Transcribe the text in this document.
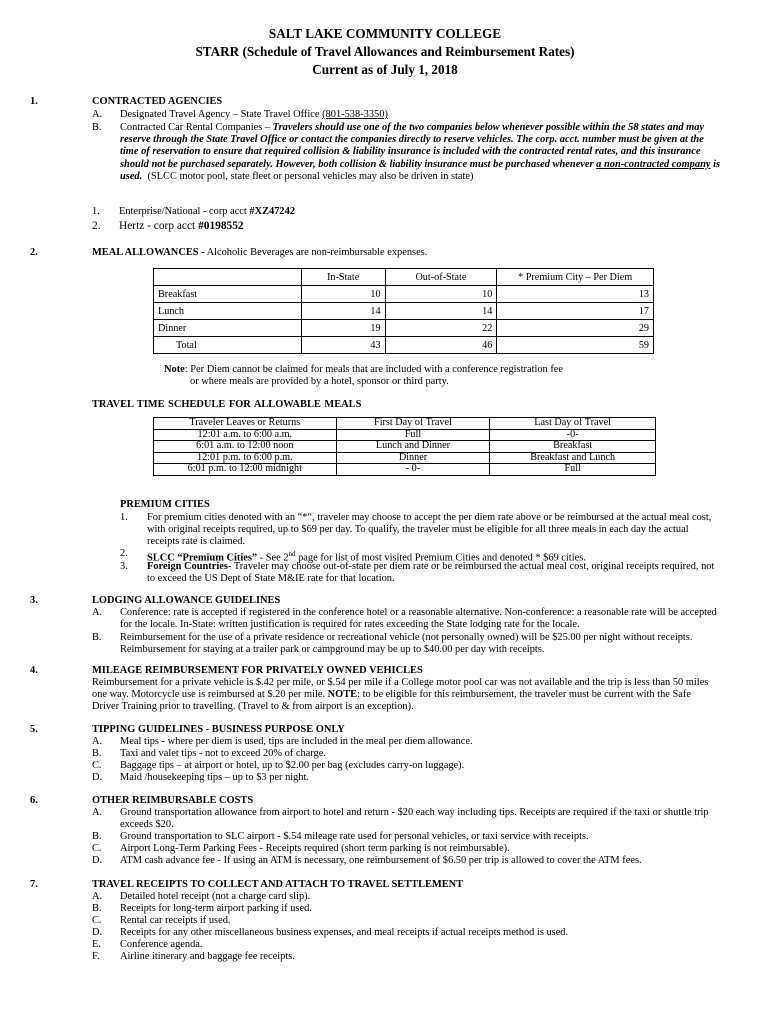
SALT LAKE COMMUNITY COLLEGE
STARR (Schedule of Travel Allowances and Reimbursement Rates)
Current as of July 1, 2018
1.	CONTRACTED AGENCIES
A. Designated Travel Agency – State Travel Office (801-538-3350)
B. Contracted Car Rental Companies – Travelers should use one of the two companies below whenever possible within the 58 states and may reserve through the State Travel Office or contact the companies directly to reserve vehicles. The corp. acct. number must be given at the time of reservation to ensure that required collision & liability insurance is included with the contracted rental rates, and this insurance should not be purchased separately. However, both collision & liability insurance must be purchased whenever a non-contracted company is used. (SLCC motor pool, state fleet or personal vehicles may also be driven in state)
1. Enterprise/National - corp acct #XZ47242
2. Hertz - corp acct #0198552
2.	MEAL ALLOWANCES - Alcoholic Beverages are non-reimbursable expenses.
	In-State	Out-of-State	* Premium City – Per Diem
Breakfast	10	10	13
Lunch	14	14	17
Dinner	19	22	29
Total	43	46	59
Note: Per Diem cannot be claimed for meals that are included with a conference registration fee
or where meals are provided by a hotel, sponsor or third party.
TRAVEL TIME SCHEDULE FOR ALLOWABLE MEALS
Traveler Leaves or Returns	First Day of Travel	Last Day of Travel
12:01 a.m. to 6:00 a.m.	Full	-0-
6:01 a.m. to 12:00 noon	Lunch and Dinner	Breakfast
12:01 p.m. to 6:00 p.m.	Dinner	Breakfast and Lunch
6:01 p.m. to 12:00 midnight	- 0-	Full
PREMIUM CITIES
1. For premium cities denoted with an “*“, traveler may choose to accept the per diem rate above or be reimbursed at the actual meal cost, with original receipts required, up to $69 per day. To qualify, the traveler must be eligible for all three meals in each day the actual receipts rate is claimed.
2. SLCC “Premium Cities” - See 2nd page for list of most visited Premium Cities and denoted * $69 cities.
3. Foreign Countries- Traveler may choose out-of-state per diem rate or be reimbursed the actual meal cost, original receipts required, not to exceed the US Dept of State M&IE rate for that location.
3.	LODGING ALLOWANCE GUIDELINES
A. Conference: rate is accepted if registered in the conference hotel or a reasonable alternative. Non-conference: a reasonable rate will be accepted for the locale. In-State: written justification is required for rates exceeding the State lodging rate for the locale.
B. Reimbursement for the use of a private residence or recreational vehicle (not personally owned) will be $25.00 per night without receipts. Reimbursement for staying at a trailer park or campground may be up to $40.00 per day with receipts.
4.	MILEAGE REIMBURSEMENT FOR PRIVATELY OWNED VEHICLES
Reimbursement for a private vehicle is $.42 per mile, or $.54 per mile if a College motor pool car was not available and the trip is less than 50 miles one way. Motorcycle use is reimbursed at $.20 per mile. NOTE: to be eligible for this reimbursement, the traveler must be current with the Safe Driver Training prior to travelling. (Travel to & from airport is an exception).
5.	TIPPING GUIDELINES - BUSINESS PURPOSE ONLY
A. Meal tips - where per diem is used, tips are included in the meal per diem allowance.
B. Taxi and valet tips - not to exceed 20% of charge.
C. Baggage tips – at airport or hotel, up to $2.00 per bag (excludes carry-on luggage).
D. Maid /housekeeping tips – up to $3 per night.
6.	OTHER REIMBURSABLE COSTS
A. Ground transportation allowance from airport to hotel and return - $20 each way including tips. Receipts are required if the taxi or shuttle trip exceeds $20.
B. Ground transportation to SLC airport - $.54 mileage rate used for personal vehicles, or taxi service with receipts.
C. Airport Long-Term Parking Fees - Receipts required (short term parking is not reimbursable).
D. ATM cash advance fee - If using an ATM is necessary, one reimbursement of $6.50 per trip is allowed to cover the ATM fees.
7.	TRAVEL RECEIPTS TO COLLECT AND ATTACH TO TRAVEL SETTLEMENT
A. Detailed hotel receipt (not a charge card slip).
B. Receipts for long-term airport parking if used.
C. Rental car receipts if used.
D. Receipts for any other miscellaneous business expenses, and meal receipts if actual receipts method is used.
E. Conference agenda.
F. Airline itinerary and baggage fee receipts.
